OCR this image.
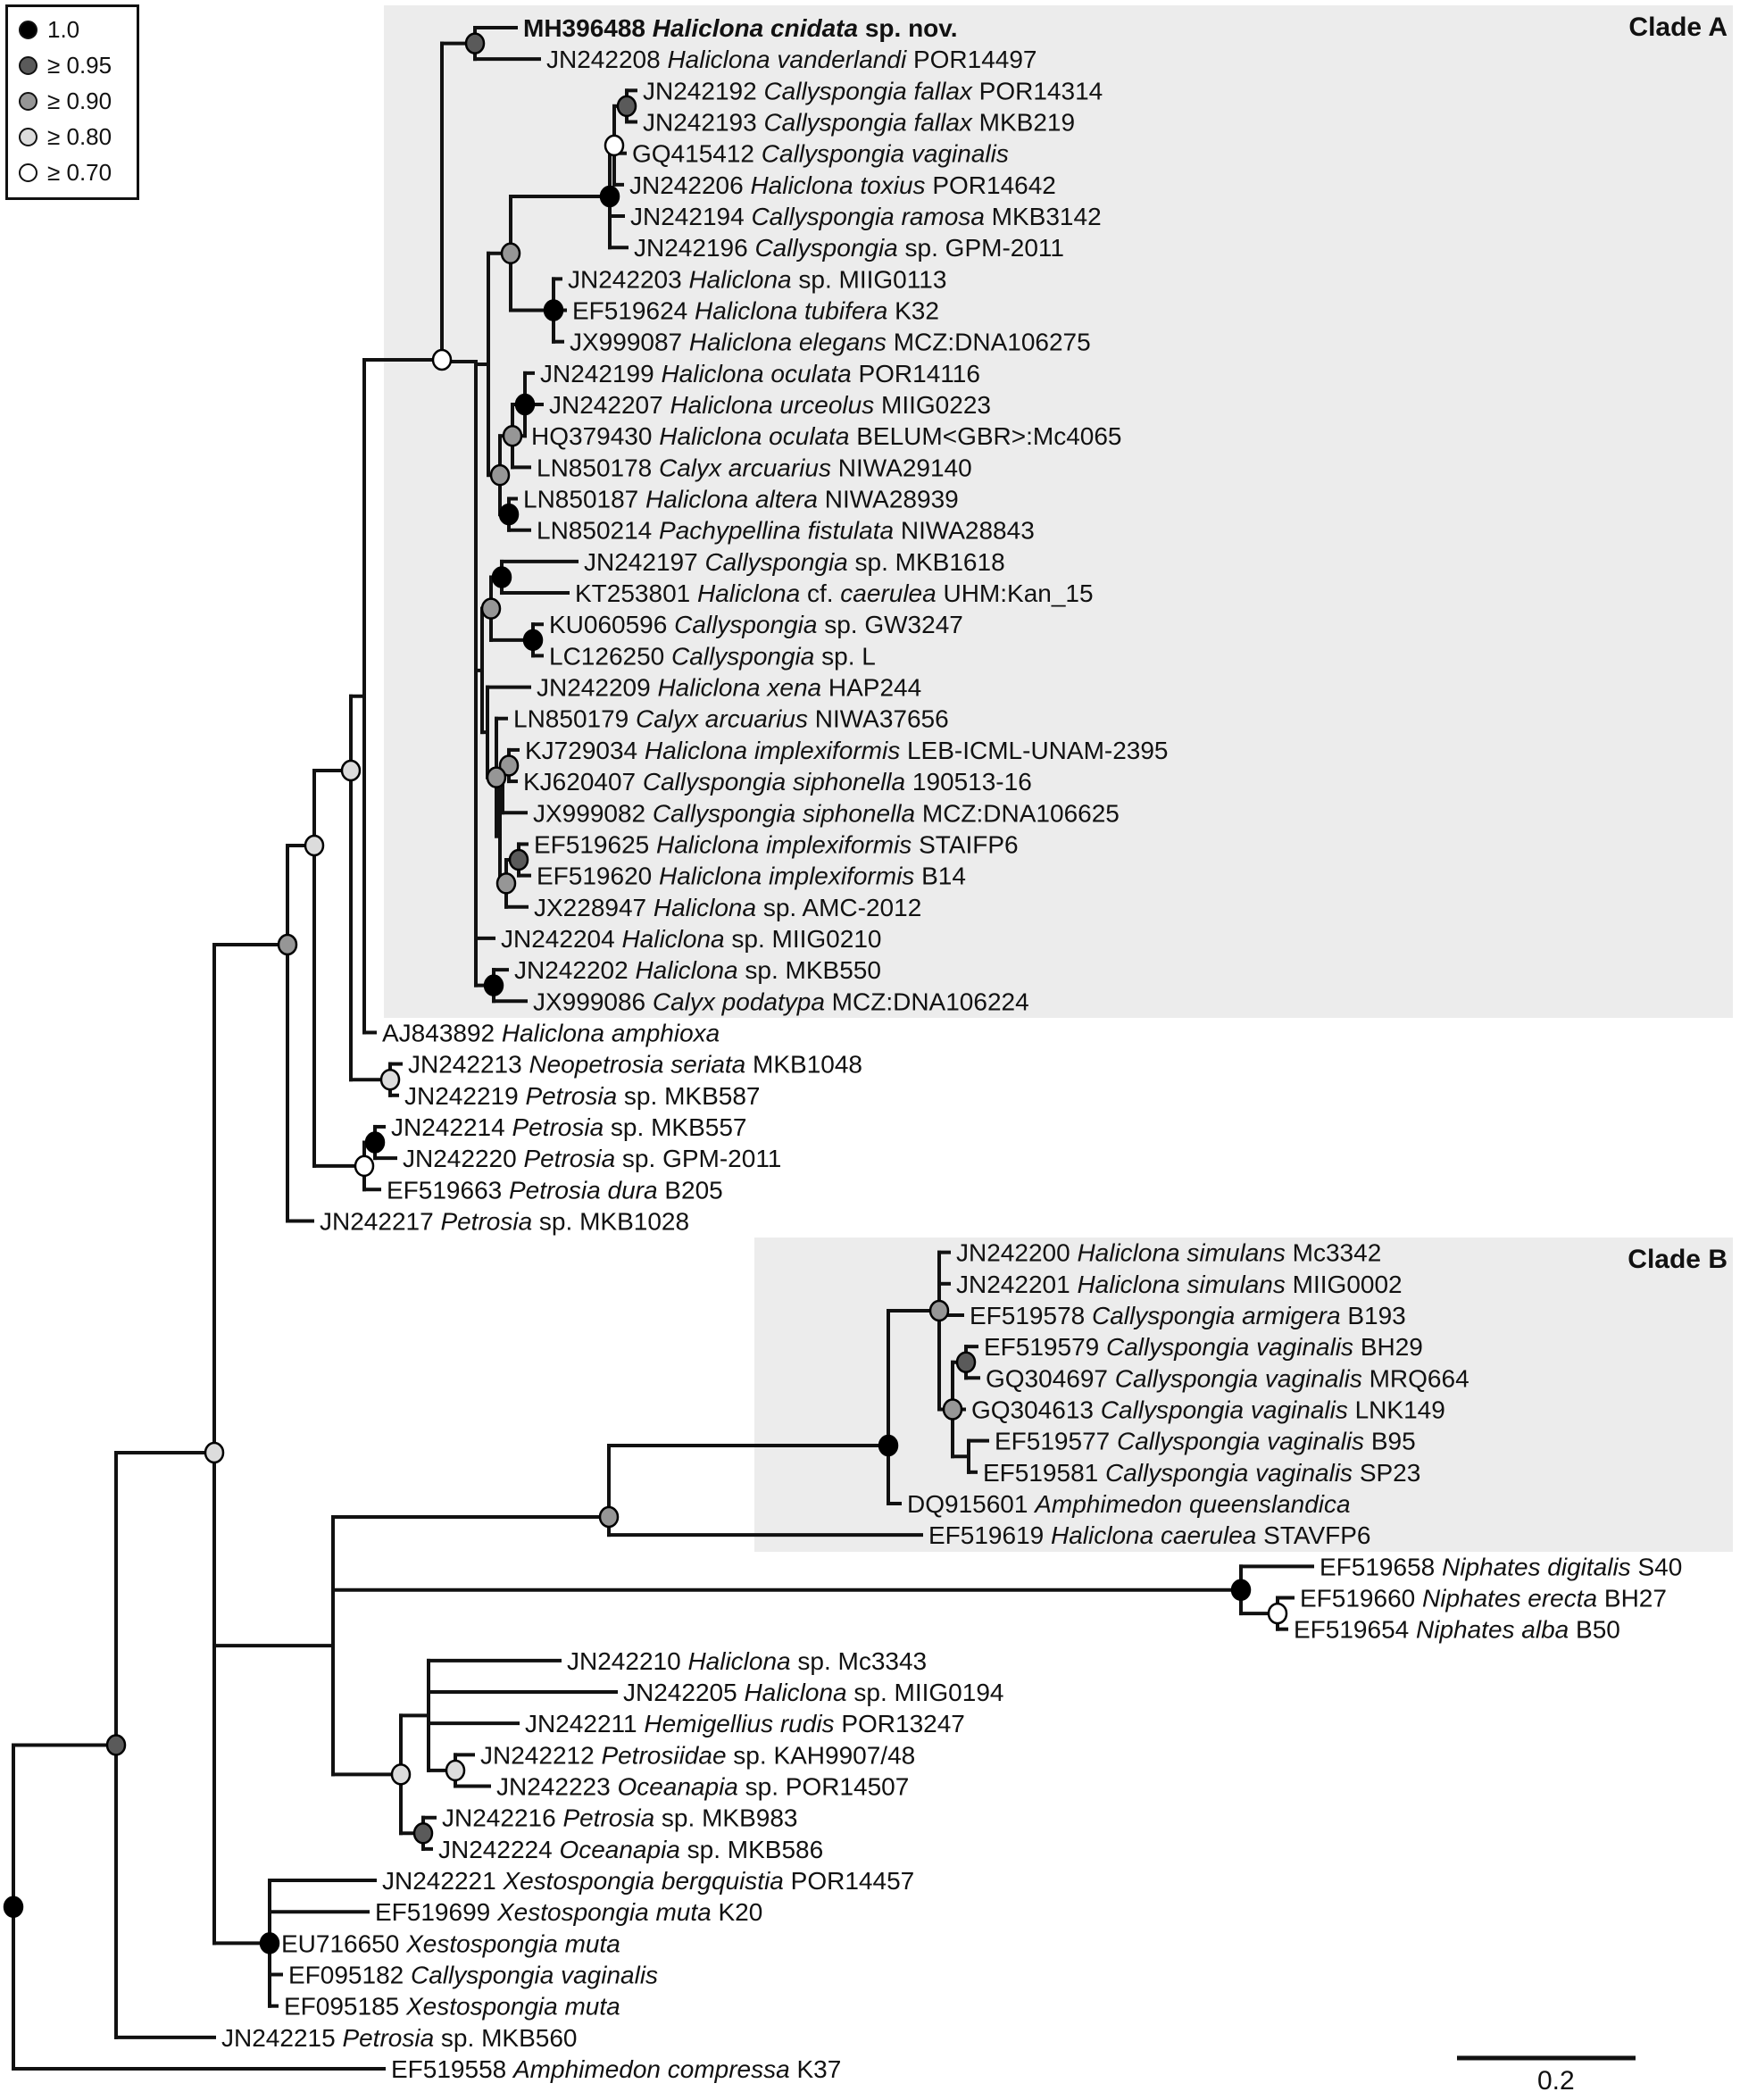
MH396488 Haliclona cnidata sp. nov.
JN242208 Haliclona vanderlandi POR14497
JN242192 Callyspongia fallax POR14314
JN242193 Callyspongia fallax MKB219
GQ415412 Callyspongia vaginalis
JN242206 Haliclona toxius POR14642
JN242194 Callyspongia ramosa MKB3142
JN242196 Callyspongia sp. GPM-2011
JN242203 Haliclona sp. MIIG0113
EF519624 Haliclona tubifera K32
JX999087 Haliclona elegans MCZ:DNA106275
JN242199 Haliclona oculata POR14116
JN242207 Haliclona urceolus MIIG0223
HQ379430 Haliclona oculata BELUM<GBR>:Mc4065
LN850178 Calyx arcuarius NIWA29140
LN850187 Haliclona altera NIWA28939
LN850214 Pachypellina fistulata NIWA28843
JN242197 Callyspongia sp. MKB1618
KT253801 Haliclona cf. caerulea UHM:Kan_15
KU060596 Callyspongia sp. GW3247
LC126250 Callyspongia sp. L
KJ729034 Haliclona implexiformis LEB-ICML-UNAM-2395
KJ620407 Callyspongia siphonella 190513-16
JX999082 Callyspongia siphonella MCZ:DNA106625
EF519625 Haliclona implexiformis STAIFP6
EF519620 Haliclona implexiformis B14
JX228947 Haliclona sp. AMC-2012
LN850179 Calyx arcuarius NIWA37656
JN242209 Haliclona xena HAP244
JN242202 Haliclona sp. MKB550
JX999086 Calyx podatypa MCZ:DNA106224
JN242204 Haliclona sp. MIIG0210
AJ843892 Haliclona amphioxa
JN242213 Neopetrosia seriata MKB1048
JN242219 Petrosia sp. MKB587
JN242214 Petrosia sp. MKB557
JN242220 Petrosia sp. GPM-2011
EF519663 Petrosia dura B205
JN242217 Petrosia sp. MKB1028
EF519579 Callyspongia vaginalis BH29
GQ304697 Callyspongia vaginalis MRQ664
EF519577 Callyspongia vaginalis B95
EF519581 Callyspongia vaginalis SP23
GQ304613 Callyspongia vaginalis LNK149
JN242200 Haliclona simulans Mc3342
JN242201 Haliclona simulans MIIG0002
EF519578 Callyspongia armigera B193
DQ915601 Amphimedon queenslandica
EF519619 Haliclona caerulea STAVFP6
EF519660 Niphates erecta BH27
EF519654 Niphates alba B50
EF519658 Niphates digitalis S40
JN242212 Petrosiidae sp. KAH9907/48
JN242223 Oceanapia sp. POR14507
JN242210 Haliclona sp. Mc3343
JN242205 Haliclona sp. MIIG0194
JN242211 Hemigellius rudis POR13247
JN242216 Petrosia sp. MKB983
JN242224 Oceanapia sp. MKB586
JN242221 Xestospongia bergquistia POR14457
EF519699 Xestospongia muta K20
EU716650 Xestospongia muta
EF095182 Callyspongia vaginalis
EF095185 Xestospongia muta
JN242215 Petrosia sp. MKB560
EF519558 Amphimedon compressa K37
Clade A
Clade B
0.2
1.0
≥ 0.95
≥ 0.90
≥ 0.80
≥ 0.70
